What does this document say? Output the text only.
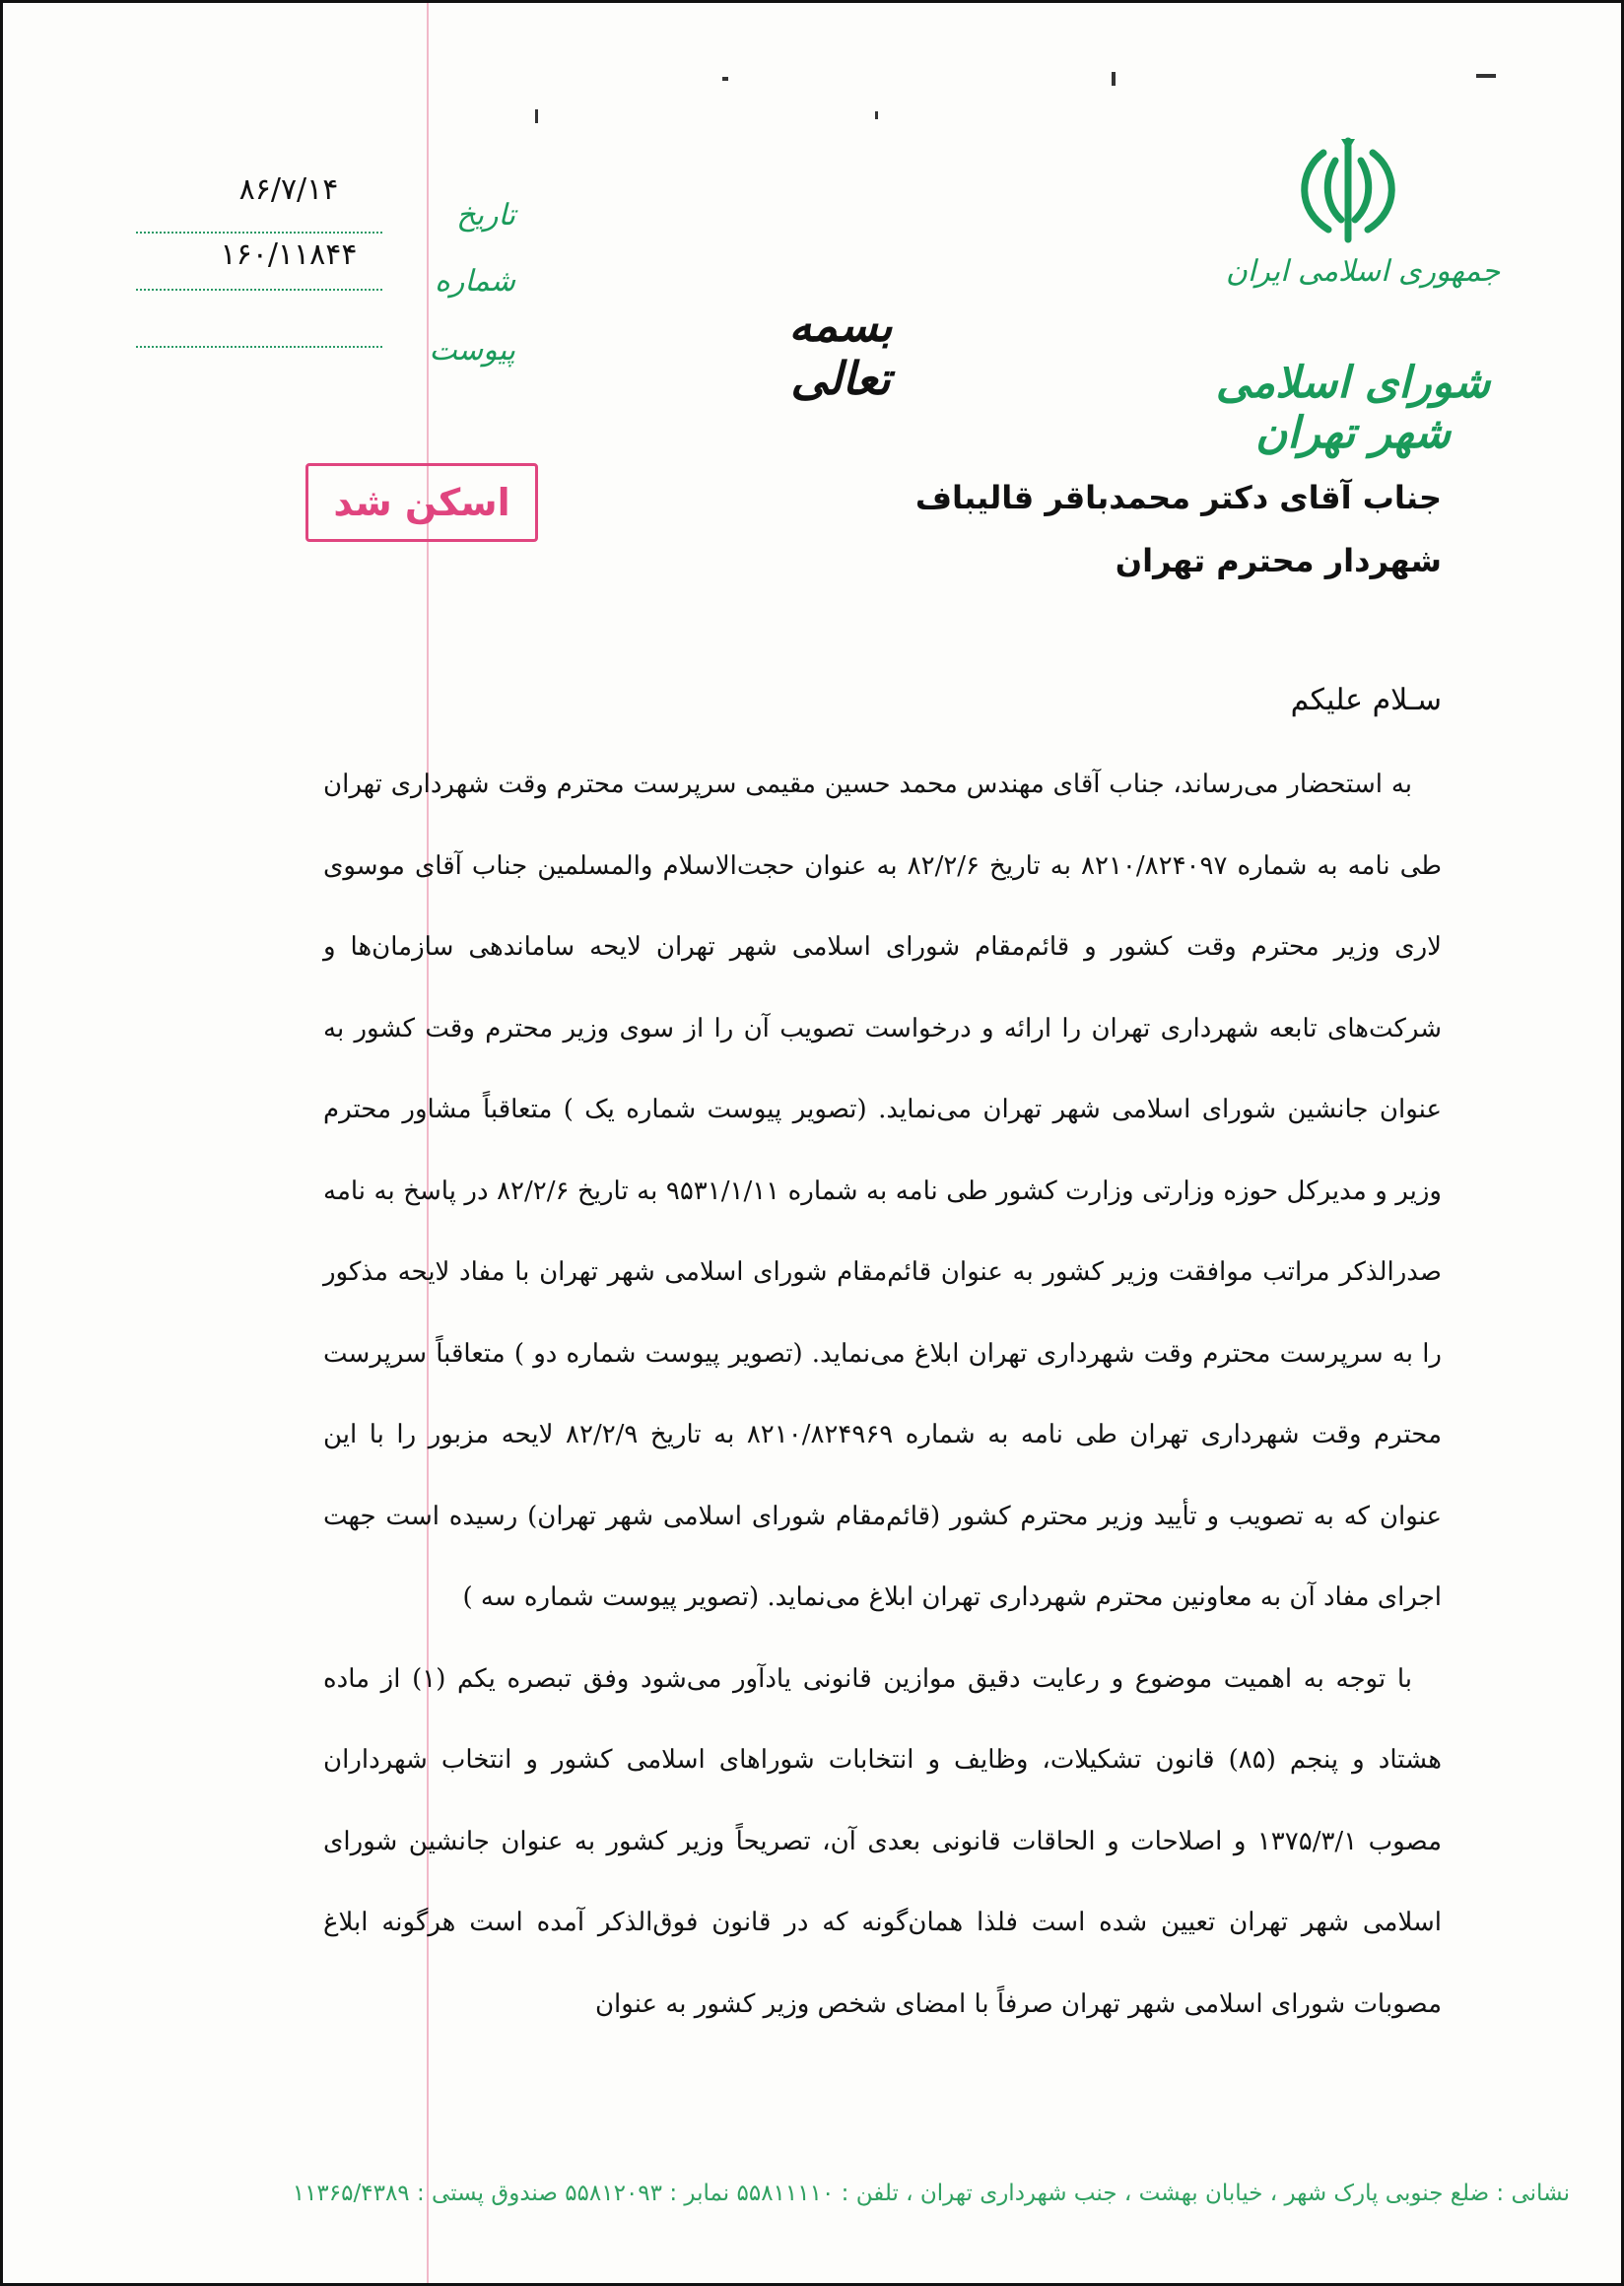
جمهوری اسلامی ایران
شورای اسلامی شهر تهران
بسمه تعالی
۸۶/۷/۱۴
۱۶۰/۱۱۸۴۴
تاریخ
شماره
پیوست
اسکن شد	جناب آقای دکتر محمدباقر قالیباف
شهردار محترم تهران
سـلام علیکم

به استحضار می‌رساند، جناب آقای مهندس محمد حسین مقیمی سرپرست محترم وقت شهرداری تهران طی نامه به شماره ۸۲۱۰/۸۲۴۰۹۷ به تاریخ ۸۲/۲/۶ به عنوان حجت‌الاسلام والمسلمین جناب آقای موسوی لاری وزیر محترم وقت کشور و قائم‌مقام شورای اسلامی شهر تهران لایحه ساماندهی سازمان‌ها و شرکت‌های تابعه شهرداری تهران را ارائه و درخواست تصویب آن را از سوی وزیر محترم وقت کشور به عنوان جانشین شورای اسلامی شهر تهران می‌نماید. (تصویر پیوست شماره یک ) متعاقباً مشاور محترم وزیر و مدیرکل حوزه وزارتی وزارت کشور طی نامه به شماره ۹۵۳۱/۱/۱۱ به تاریخ ۸۲/۲/۶ در پاسخ به نامه صدرالذکر مراتب موافقت وزیر کشور به عنوان قائم‌مقام شورای اسلامی شهر تهران با مفاد لایحه مذکور را به سرپرست محترم وقت شهرداری تهران ابلاغ می‌نماید. (تصویر پیوست شماره دو ) متعاقباً سرپرست محترم وقت شهرداری تهران طی نامه به شماره ۸۲۱۰/۸۲۴۹۶۹ به تاریخ ۸۲/۲/۹ لایحه مزبور را با این عنوان که به تصویب و تأیید وزیر محترم کشور (قائم‌مقام شورای اسلامی شهر تهران) رسیده است جهت اجرای مفاد آن به معاونین محترم شهرداری تهران ابلاغ می‌نماید. (تصویر پیوست شماره سه )

با توجه به اهمیت موضوع و رعایت دقیق موازین قانونی یادآور می‌شود وفق تبصره یکم (۱) از ماده هشتاد و پنجم (۸۵) قانون تشکیلات، وظایف و انتخابات شوراهای اسلامی کشور و انتخاب شهرداران مصوب ۱۳۷۵/۳/۱ و اصلاحات و الحاقات قانونی بعدی آن، تصریحاً وزیر کشور به عنوان جانشین شورای اسلامی شهر تهران تعیین شده است فلذا همان‌گونه که در قانون فوق‌الذکر آمده است هرگونه ابلاغ مصوبات شورای اسلامی شهر تهران صرفاً با امضای شخص وزیر کشور به عنوان

نشانی : ضلع جنوبی پارک شهر ، خیابان بهشت ، جنب شهرداری تهران ، تلفن : ۵۵۸۱۱۱۱۰ نمابر : ۵۵۸۱۲۰۹۳ صندوق پستی : ۱۱۳۶۵/۴۳۸۹
